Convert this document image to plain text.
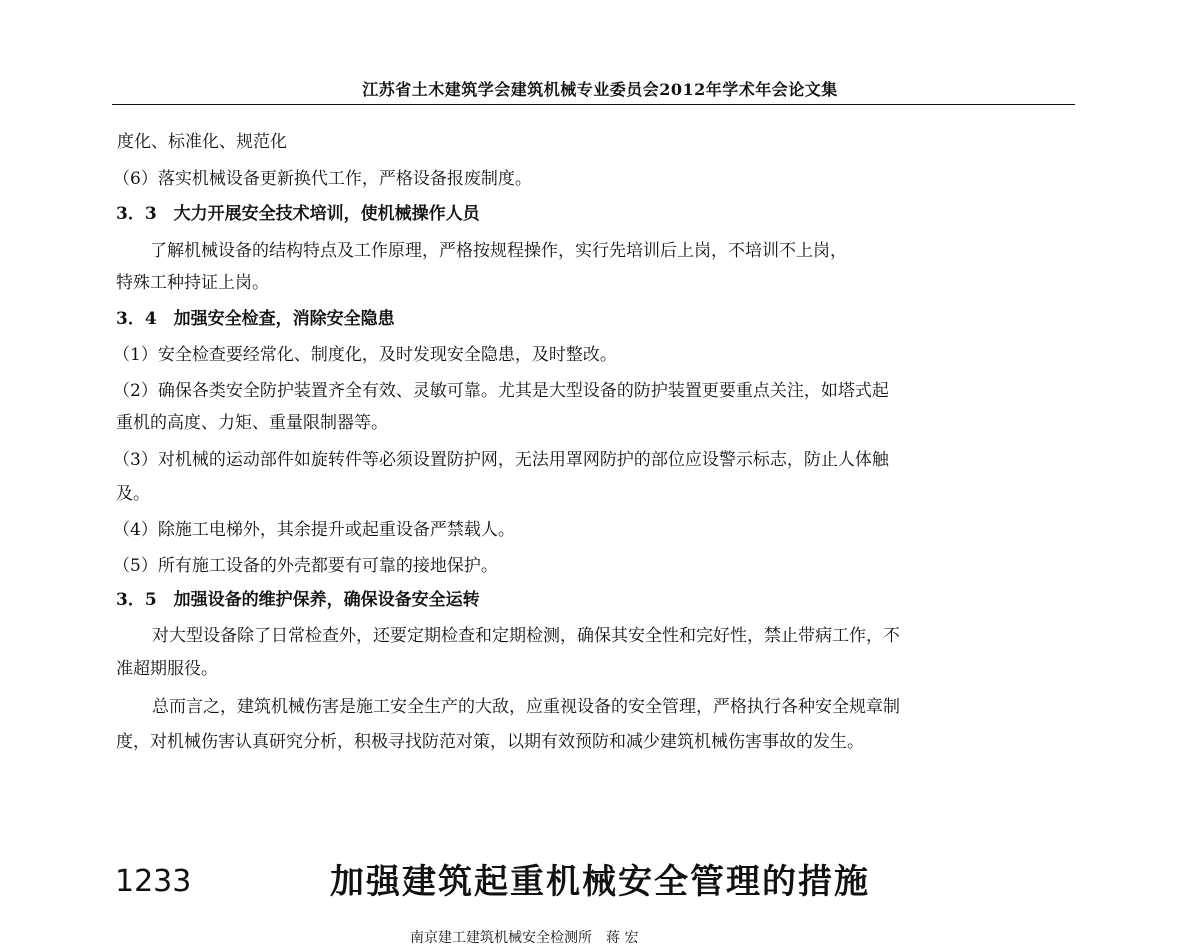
江苏省土木建筑学会建筑机械专业委员会2012年学术年会论文集
度化、标准化、规范化
（6）落实机械设备更新换代工作，严格设备报废制度。
3．3　大力开展安全技术培训，使机械操作人员
了解机械设备的结构特点及工作原理，严格按规程操作，实行先培训后上岗，不培训不上岗，
特殊工种持证上岗。
3．4　加强安全检查，消除安全隐患
（1）安全检查要经常化、制度化，及时发现安全隐患，及时整改。
（2）确保各类安全防护装置齐全有效、灵敏可靠。尤其是大型设备的防护装置更要重点关注，如塔式起
重机的高度、力矩、重量限制器等。
（3）对机械的运动部件如旋转件等必须设置防护网，无法用罩网防护的部位应设警示标志，防止人体触
及。
（4）除施工电梯外，其余提升或起重设备严禁载人。
（5）所有施工设备的外壳都要有可靠的接地保护。
3．5　加强设备的维护保养，确保设备安全运转
对大型设备除了日常检查外，还要定期检查和定期检测，确保其安全性和完好性，禁止带病工作，不
准超期服役。
总而言之，建筑机械伤害是施工安全生产的大敌，应重视设备的安全管理，严格执行各种安全规章制
度，对机械伤害认真研究分析，积极寻找防范对策，以期有效预防和减少建筑机械伤害事故的发生。
1233	加强建筑起重机械安全管理的措施
南京建工建筑机械安全检测所　蒋 宏
